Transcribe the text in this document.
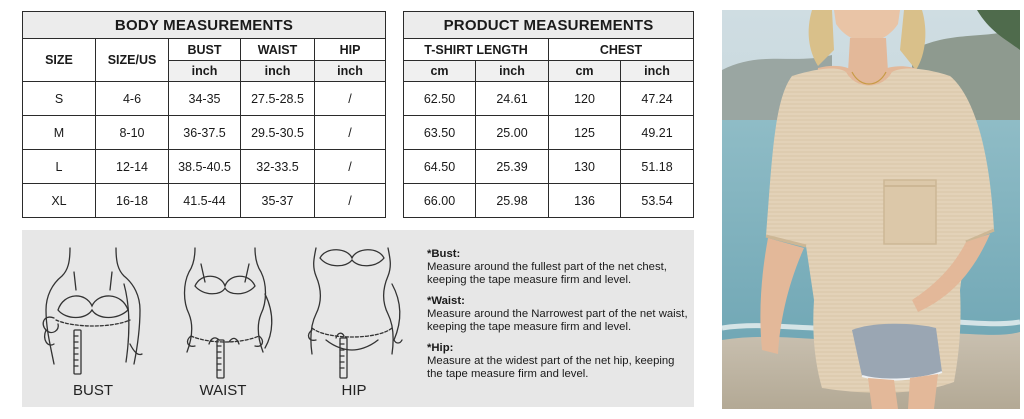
BODY MEASUREMENTS				
SIZE	SIZE/US	BUST	WAIST	HIP
		inch	inch	inch
S	4-6	34-35	27.5-28.5	/
M	8-10	36-37.5	29.5-30.5	/
L	12-14	38.5-40.5	32-33.5	/
XL	16-18	41.5-44	35-37	/
PRODUCT MEASUREMENTS			
T-SHIRT LENGTH		CHEST	
cm	inch	cm	inch
62.50	24.61	120	47.24
63.50	25.00	125	49.21
64.50	25.39	130	51.18
66.00	25.98	136	53.54
BUST	WAIST	HIP
*Bust:
Measure around the fullest part of the net chest, keeping the tape measure firm and level.
*Waist:
Measure around the Narrowest part of the net waist, keeping the tape measure firm and level.
*Hip:
Measure at the widest part of the net hip, keeping the tape measure firm and level.
